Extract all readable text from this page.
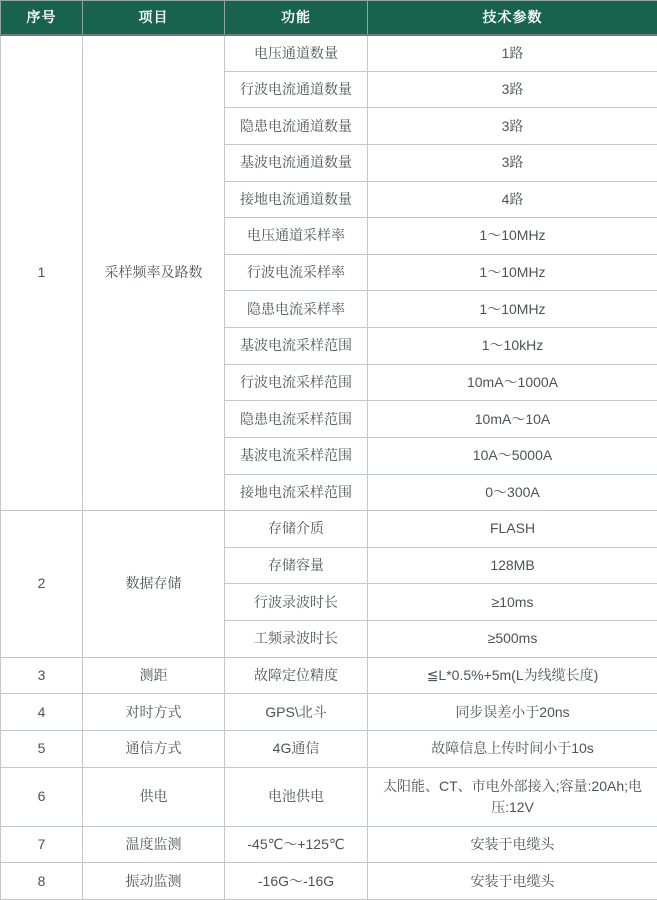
序号	项目	功能	技术参数
1	采样频率及路数	电压通道数量	1路
		行波电流通道数量	3路
		隐患电流通道数量	3路
		基波电流通道数量	3路
		接地电流通道数量	4路
		电压通道采样率	1～10MHz
		行波电流采样率	1～10MHz
		隐患电流采样率	1～10MHz
		基波电流采样范围	1～10kHz
		行波电流采样范围	10mA～1000A
		隐患电流采样范围	10mA～10A
		基波电流采样范围	10A～5000A
		接地电流采样范围	0～300A
2	数据存储	存储介质	FLASH
		存储容量	128MB
		行波录波时长	≥10ms
		工频录波时长	≥500ms
3	测距	故障定位精度	≦L*0.5%+5m(L为线缆长度)
4	对时方式	GPS\北斗	同步误差小于20ns
5	通信方式	4G通信	故障信息上传时间小于10s
6	供电	电池供电	太阳能、CT、市电外部接入;容量:20Ah;电压:12V
7	温度监测	-45℃～+125℃	安装于电缆头
8	振动监测	-16G～-16G	安装于电缆头
